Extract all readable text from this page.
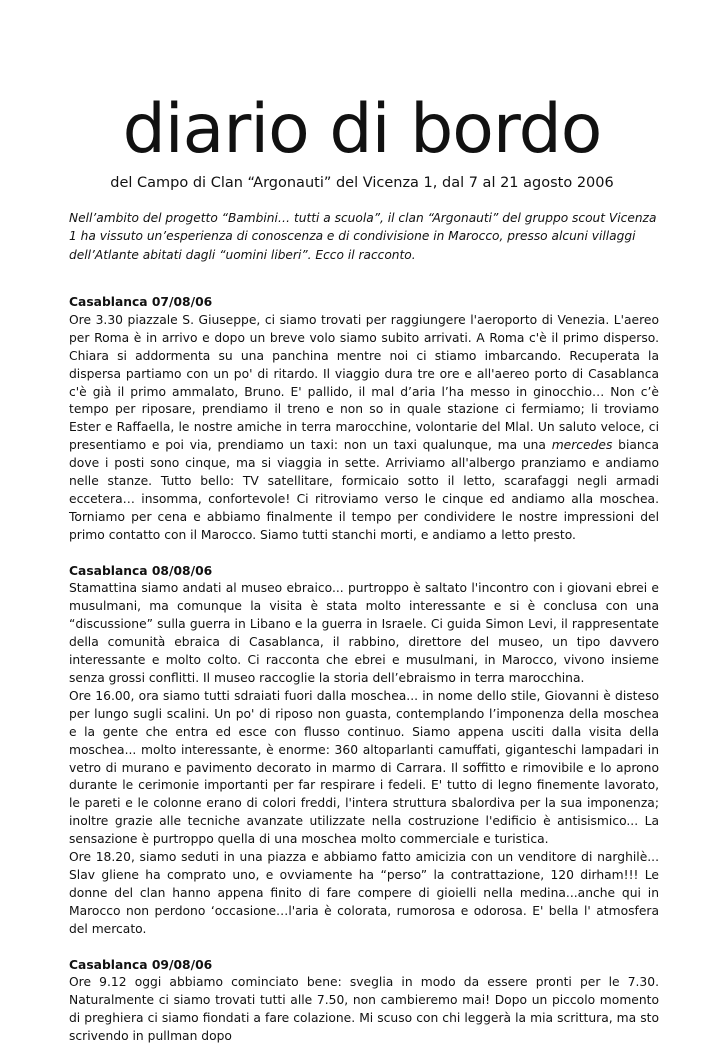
diario di bordo

del Campo di Clan “Argonauti” del Vicenza 1, dal 7 al 21 agosto 2006

Nell’ambito del progetto “Bambini… tutti a scuola”, il clan “Argonauti” del gruppo scout Vicenza 1 ha vissuto un’esperienza di conoscenza e di condivisione in Marocco, presso alcuni villaggi dell’Atlante abitati dagli “uomini liberi”. Ecco il racconto.

Casablanca 07/08/06

Ore 3.30 piazzale S. Giuseppe, ci siamo trovati per raggiungere l'aeroporto di Venezia. L'aereo per Roma è in arrivo e dopo un breve volo siamo subito arrivati. A Roma c'è il primo disperso. Chiara si addormenta su una panchina mentre noi ci stiamo imbarcando. Recuperata la dispersa partiamo con un po' di ritardo. Il viaggio dura tre ore e all'aereo porto di Casablanca c'è già il primo ammalato, Bruno. E' pallido, il mal d’aria l’ha messo in ginocchio… Non c’è tempo per riposare, prendiamo il treno e non so in quale stazione ci fermiamo; li troviamo Ester e Raffaella, le nostre amiche in terra marocchine, volontarie del Mlal. Un saluto veloce, ci presentiamo e poi via, prendiamo un taxi: non un taxi qualunque, ma una mercedes bianca dove i posti sono cinque, ma si viaggia in sette. Arriviamo all'albergo pranziamo e andiamo nelle stanze. Tutto bello: TV satellitare, formicaio sotto il letto, scarafaggi negli armadi eccetera… insomma, confortevole! Ci ritroviamo verso le cinque ed andiamo alla moschea. Torniamo per cena e abbiamo finalmente il tempo per condividere le nostre impressioni del primo contatto con il Marocco. Siamo tutti stanchi morti, e andiamo a letto presto.

Casablanca 08/08/06

Stamattina siamo andati al museo ebraico... purtroppo è saltato l'incontro con i giovani ebrei e musulmani, ma comunque la visita è stata molto interessante e si è conclusa con una “discussione” sulla guerra in Libano e la guerra in Israele. Ci guida Simon Levi, il rappresentate della comunità ebraica di Casablanca, il rabbino, direttore del museo, un tipo davvero interessante e molto colto. Ci racconta che ebrei e musulmani, in Marocco, vivono insieme senza grossi conflitti. Il museo raccoglie la storia dell’ebraismo in terra marocchina.

Ore 16.00, ora siamo tutti sdraiati fuori dalla moschea... in nome dello stile, Giovanni è disteso per lungo sugli scalini. Un po' di riposo non guasta, contemplando l’imponenza della moschea e la gente che entra ed esce con flusso continuo. Siamo appena usciti dalla visita della moschea... molto interessante, è enorme: 360 altoparlanti camuffati, giganteschi lampadari in vetro di murano e pavimento decorato in marmo di Carrara. Il soffitto e rimovibile e lo aprono durante le cerimonie importanti per far respirare i fedeli. E' tutto di legno finemente lavorato, le pareti e le colonne erano di colori freddi, l'intera struttura sbalordiva per la sua imponenza; inoltre grazie alle tecniche avanzate utilizzate nella costruzione l'edificio è antisismico... La sensazione è purtroppo quella di una moschea molto commerciale e turistica.

Ore 18.20, siamo seduti in una piazza e abbiamo fatto amicizia con un venditore di narghilè... Slav gliene ha comprato uno, e ovviamente ha “perso” la contrattazione, 120 dirham!!! Le donne del clan hanno appena finito di fare compere di gioielli nella medina...anche qui in Marocco non perdono ‘occasione…l'aria è colorata, rumorosa e odorosa. E' bella l' atmosfera del mercato.

Casablanca 09/08/06

Ore 9.12 oggi abbiamo cominciato bene: sveglia in modo da essere pronti per le 7.30. Naturalmente ci siamo trovati tutti alle 7.50, non cambieremo mai! Dopo un piccolo momento di preghiera ci siamo fiondati a fare colazione. Mi scuso con chi leggerà la mia scrittura, ma sto scrivendo in pullman dopo
